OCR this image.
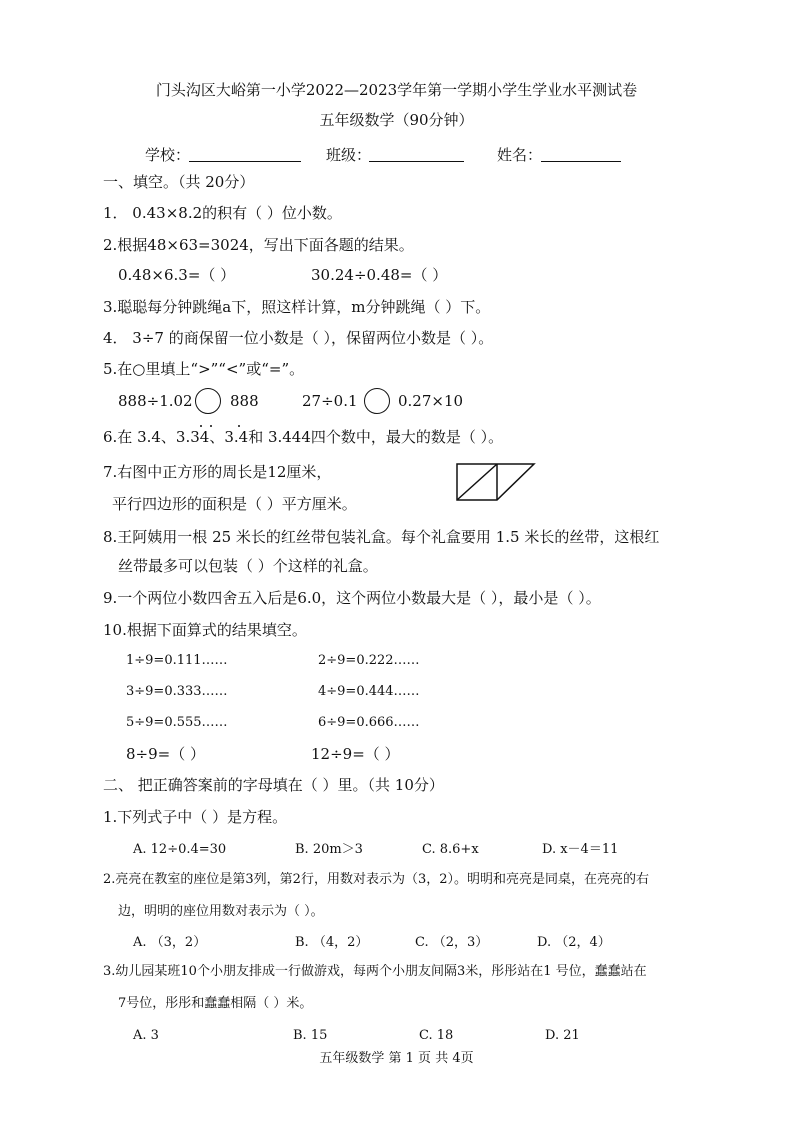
门头沟区大峪第一小学2022—2023学年第一学期小学生学业水平测试卷
五年级数学（90分钟）
学校：	班级：	姓名：
一、填空。（共 20分）
1． 0.43×8.2的积有（ ）位小数。
2.根据48×63=3024，写出下面各题的结果。
0.48×6.3=（ ）	30.24÷0.48=（ ）
3.聪聪每分钟跳绳a下，照这样计算，m分钟跳绳（ ）下。
4． 3÷7 的商保留一位小数是（ ），保留两位小数是（ ）。
5.在○里填上“>”“<”或“=”。
888÷1.02 888	27÷0.1	0.27×10
6.在 3.4、3.34、3.4和 3.444四个数中，最大的数是（ ）。
7.右图中正方形的周长是12厘米，
平行四边形的面积是（ ）平方厘米。
8.王阿姨用一根 25 米长的红丝带包装礼盒。每个礼盒要用 1.5 米长的丝带，这根红
丝带最多可以包装（ ）个这样的礼盒。
9.一个两位小数四舍五入后是6.0，这个两位小数最大是（ ），最小是（ ）。
10.根据下面算式的结果填空。
1÷9=0.111……	2÷9=0.222……
3÷9=0.333……	4÷9=0.444……
5÷9=0.555……	6÷9=0.666……
8÷9=（ ）	12÷9=（ ）
二、 把正确答案前的字母填在（ ）里。（共 10分）
1.下列式子中（ ）是方程。
A. 12÷0.4=30	B. 20m＞3	C. 8.6+x	D. x－4＝11
2.亮亮在教室的座位是第3列，第2行，用数对表示为（3，2）。明明和亮亮是同桌，在亮亮的右
边，明明的座位用数对表示为（ ）。
A. （3，2）	B. （4，2）	C. （2，3）	D. （2，4）
3.幼儿园某班10个小朋友排成一行做游戏，每两个小朋友间隔3米，彤彤站在1 号位，蠢蠢站在
7号位，彤彤和蠢蠢相隔（ ）米。
A. 3	B. 15	C. 18	D. 21
五年级数学 第 1 页 共 4页
